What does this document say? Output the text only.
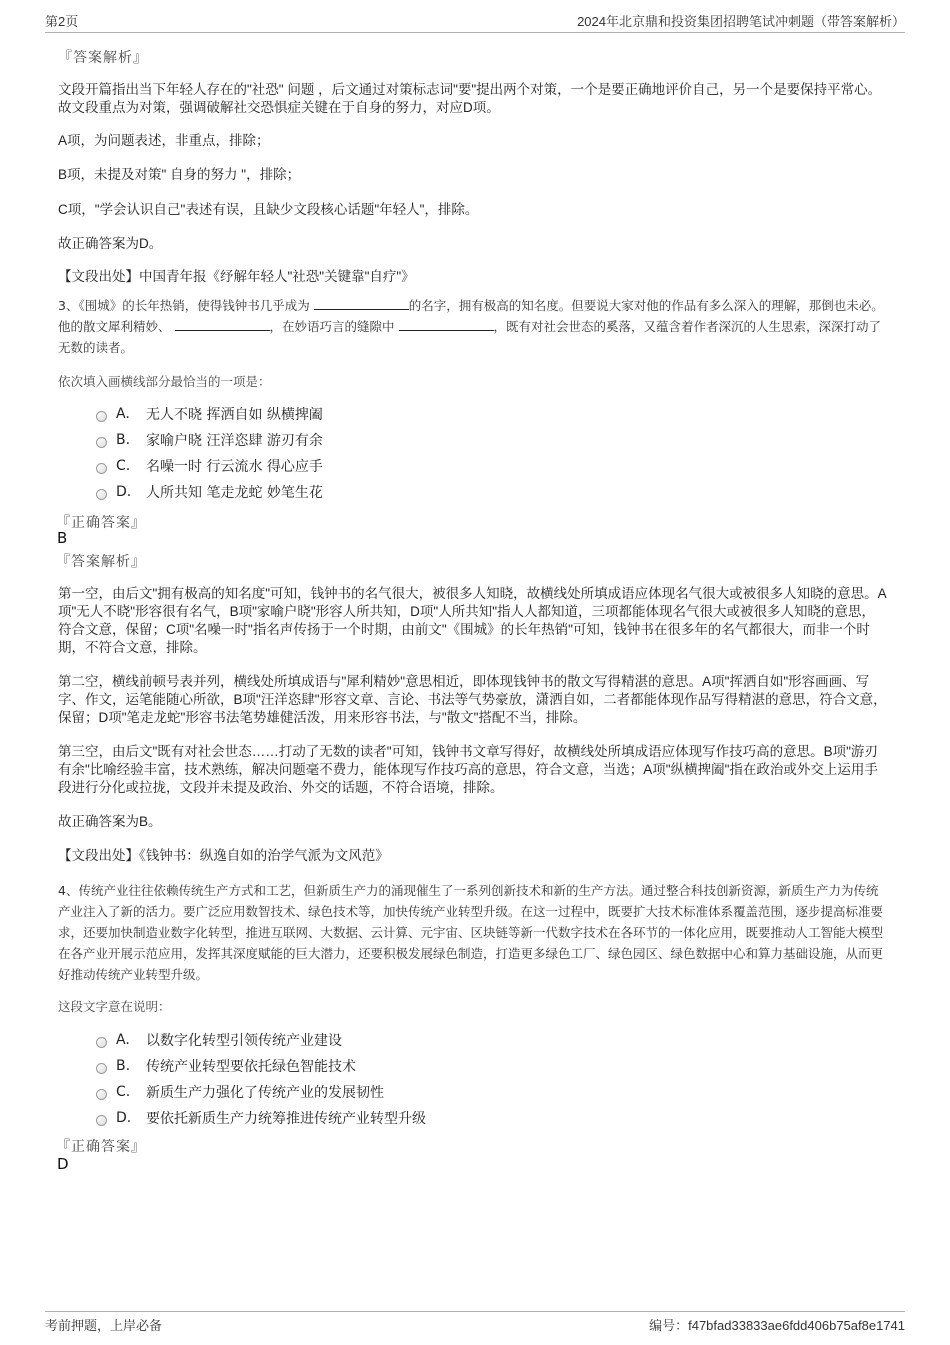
第2页	2024年北京鼎和投资集团招聘笔试冲刺题（带答案解析）
『答案解析』
文段开篇指出当下年轻人存在的"社恐" 问题 ，后文通过对策标志词"要"提出两个对策，一个是要正确地评价自己，另一个是要保持平常心。故文段重点为对策，强调破解社交恐惧症关键在于自身的努力，对应D项。
A项，为问题表述，非重点，排除；
B项，未提及对策" 自身的努力 "，排除；
C项，"学会认识自己"表述有误，且缺少文段核心话题"年轻人"，排除。
故正确答案为D。
【文段出处】中国青年报《纾解年轻人"社恐"关键靠"自疗"》
3、《围城》的长年热销，使得钱钟书几乎成为	的名字，拥有极高的知名度。但要说大家对他的作品有多么深入的理解，那倒也未必。他的散文犀利精妙、	，在妙语巧言的缝隙中	，既有对社会世态的奚落，又蕴含着作者深沉的人生思索，深深打动了无数的读者。
依次填入画横线部分最恰当的一项是：
A.	无人不晓 挥洒自如 纵横捭阖
B.	家喻户晓 汪洋恣肆 游刃有余
C.	名噪一时 行云流水 得心应手
D.	人所共知 笔走龙蛇 妙笔生花
『正确答案』
B
『答案解析』
第一空，由后文"拥有极高的知名度"可知，钱钟书的名气很大，被很多人知晓，故横线处所填成语应体现名气很大或被很多人知晓的意思。A项"无人不晓"形容很有名气，B项"家喻户晓"形容人所共知，D项"人所共知"指人人都知道，三项都能体现名气很大或被很多人知晓的意思，符合文意，保留；C项"名噪一时"指名声传扬于一个时期，由前文"《围城》的长年热销"可知，钱钟书在很多年的名气都很大，而非一个时期，不符合文意，排除。
第二空，横线前顿号表并列，横线处所填成语与"犀利精妙"意思相近，即体现钱钟书的散文写得精湛的意思。A项"挥洒自如"形容画画、写字、作文，运笔能随心所欲，B项"汪洋恣肆"形容文章、言论、书法等气势豪放，潇洒自如，二者都能体现作品写得精湛的意思，符合文意，保留；D项"笔走龙蛇"形容书法笔势雄健活泼，用来形容书法，与"散文"搭配不当，排除。
第三空，由后文"既有对社会世态……打动了无数的读者"可知，钱钟书文章写得好，故横线处所填成语应体现写作技巧高的意思。B项"游刃有余"比喻经验丰富，技术熟练，解决问题毫不费力，能体现写作技巧高的意思，符合文意，当选；A项"纵横捭阖"指在政治或外交上运用手段进行分化或拉拢，文段并未提及政治、外交的话题，不符合语境，排除。
故正确答案为B。
【文段出处】《钱钟书：纵逸自如的治学气派为文风范》
4、传统产业往往依赖传统生产方式和工艺，但新质生产力的涌现催生了一系列创新技术和新的生产方法。通过整合科技创新资源，新质生产力为传统产业注入了新的活力。要广泛应用数智技术、绿色技术等，加快传统产业转型升级。在这一过程中，既要扩大技术标准体系覆盖范围，逐步提高标准要求，还要加快制造业数字化转型，推进互联网、大数据、云计算、元宇宙、区块链等新一代数字技术在各环节的一体化应用，既要推动人工智能大模型在各产业开展示范应用，发挥其深度赋能的巨大潜力，还要积极发展绿色制造，打造更多绿色工厂、绿色园区、绿色数据中心和算力基础设施，从而更好推动传统产业转型升级。
这段文字意在说明：
A.	以数字化转型引领传统产业建设
B.	传统产业转型要依托绿色智能技术
C.	新质生产力强化了传统产业的发展韧性
D.	要依托新质生产力统筹推进传统产业转型升级
『正确答案』
D
考前押题，上岸必备	编号：f47bfad33833ae6fdd406b75af8e1741
